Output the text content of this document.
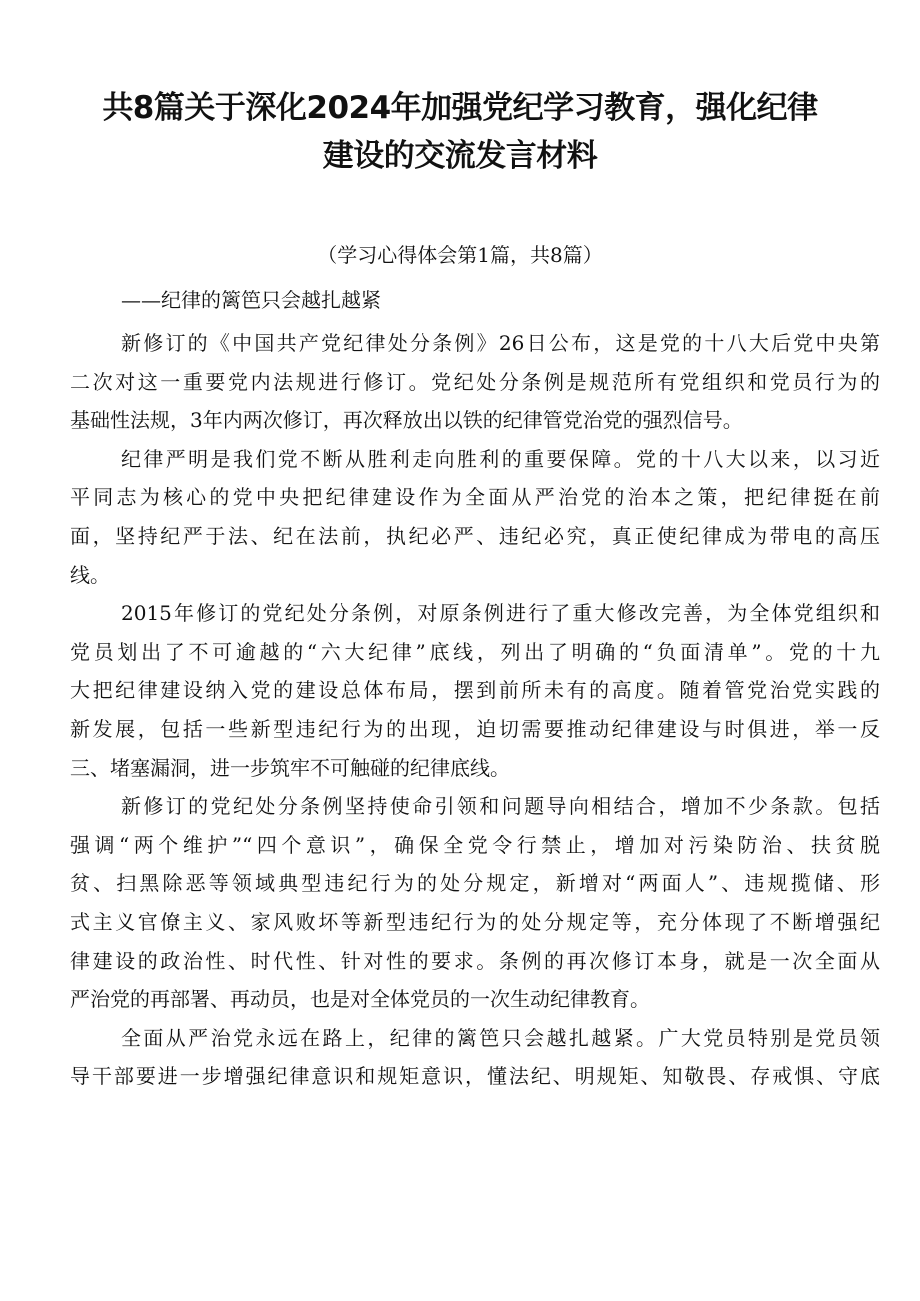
共8篇关于深化2024年加强党纪学习教育，强化纪律
建设的交流发言材料
（学习心得体会第1篇，共8篇）
——纪律的篱笆只会越扎越紧
新修订的《中国共产党纪律处分条例》26日公布，这是党的十八大后党中央第
二次对这一重要党内法规进行修订。党纪处分条例是规范所有党组织和党员行为的
基础性法规，3年内两次修订，再次释放出以铁的纪律管党治党的强烈信号。
纪律严明是我们党不断从胜利走向胜利的重要保障。党的十八大以来，以习近
平同志为核心的党中央把纪律建设作为全面从严治党的治本之策，把纪律挺在前
面，坚持纪严于法、纪在法前，执纪必严、违纪必究，真正使纪律成为带电的高压
线。
2015年修订的党纪处分条例，对原条例进行了重大修改完善，为全体党组织和
党员划出了不可逾越的“六大纪律”底线，列出了明确的“负面清单”。党的十九
大把纪律建设纳入党的建设总体布局，摆到前所未有的高度。随着管党治党实践的
新发展，包括一些新型违纪行为的出现，迫切需要推动纪律建设与时俱进，举一反
三、堵塞漏洞，进一步筑牢不可触碰的纪律底线。
新修订的党纪处分条例坚持使命引领和问题导向相结合，增加不少条款。包括
强调“两个维护”“四个意识”，确保全党令行禁止，增加对污染防治、扶贫脱
贫、扫黑除恶等领域典型违纪行为的处分规定，新增对“两面人”、违规揽储、形
式主义官僚主义、家风败坏等新型违纪行为的处分规定等，充分体现了不断增强纪
律建设的政治性、时代性、针对性的要求。条例的再次修订本身，就是一次全面从
严治党的再部署、再动员，也是对全体党员的一次生动纪律教育。
全面从严治党永远在路上，纪律的篱笆只会越扎越紧。广大党员特别是党员领
导干部要进一步增强纪律意识和规矩意识，懂法纪、明规矩、知敬畏、存戒惧、守底
